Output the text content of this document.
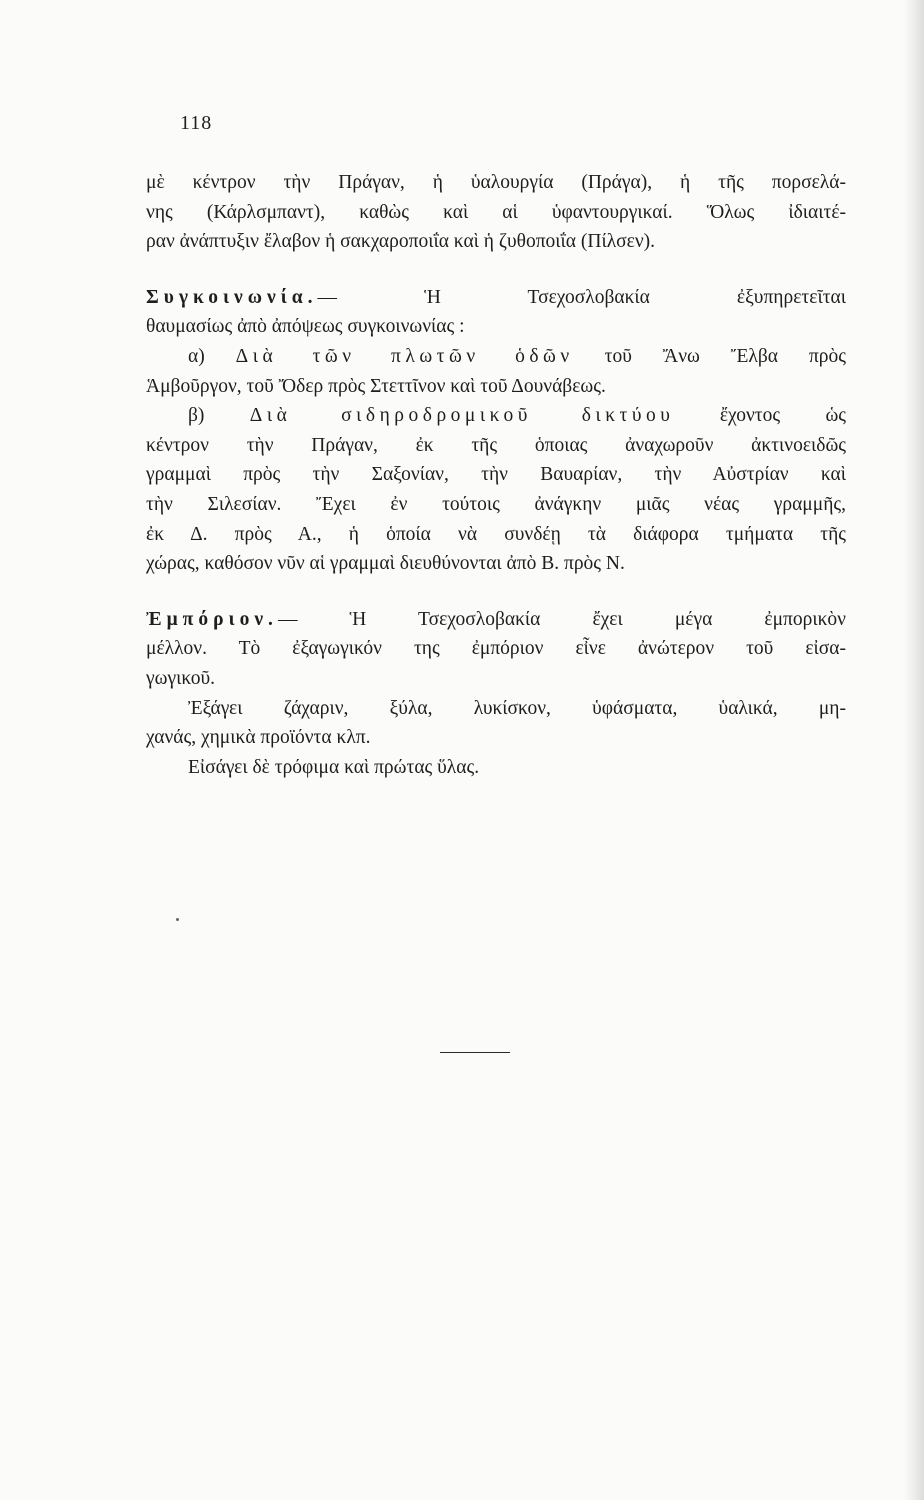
118
μὲ κέντρον τὴν Πράγαν, ἡ ὑαλουργία (Πράγα), ἡ τῆς πορσελά-
νης (Κάρλσμπαντ), καθὼς καὶ αἱ ὑφαντουργικαί. Ὅλως ἰδιαιτέ-
ραν ἀνάπτυξιν ἔλαβον ἡ σακχαροποιΐα καὶ ἡ ζυθοποιΐα (Πίλσεν).
Συγκοινωνία.— Ἡ Τσεχοσλοβακία ἐξυπηρετεῖται
θαυμασίως ἀπὸ ἀπόψεως συγκοινωνίας :
α) Διὰ τῶν πλωτῶν ὁδῶν τοῦ Ἄνω Ἔλβα πρὸς
Ἁμβοῦργον, τοῦ Ὄδερ πρὸς Στεττῖνον καὶ τοῦ Δουνάβεως.
β) Διὰ σιδηροδρομικοῦ δικτύου ἔχοντος ὡς
κέντρον τὴν Πράγαν, ἐκ τῆς ὁποιας ἀναχωροῦν ἀκτινοειδῶς
γραμμαὶ πρὸς τὴν Σαξονίαν, τὴν Βαυαρίαν, τὴν Αὐστρίαν καὶ
τὴν Σιλεσίαν. Ἔχει ἐν τούτοις ἀνάγκην μιᾶς νέας γραμμῆς,
ἐκ Δ. πρὸς Α., ἡ ὁποία νὰ συνδέῃ τὰ διάφορα τμήματα τῆς
χώρας, καθόσον νῦν αἱ γραμμαὶ διευθύνονται ἀπὸ Β. πρὸς Ν.
Ἐμπόριον.— Ἡ Τσεχοσλοβακία ἔχει μέγα ἐμπορικὸν
μέλλον. Τὸ ἐξαγωγικόν της ἐμπόριον εἶνε ἀνώτερον τοῦ εἰσα-
γωγικοῦ.
Ἐξάγει ζάχαριν, ξύλα, λυκίσκον, ὑφάσματα, ὑαλικά, μη-
χανάς, χημικὰ προϊόντα κλπ.
Εἰσάγει δὲ τρόφιμα καὶ πρώτας ὕλας.
